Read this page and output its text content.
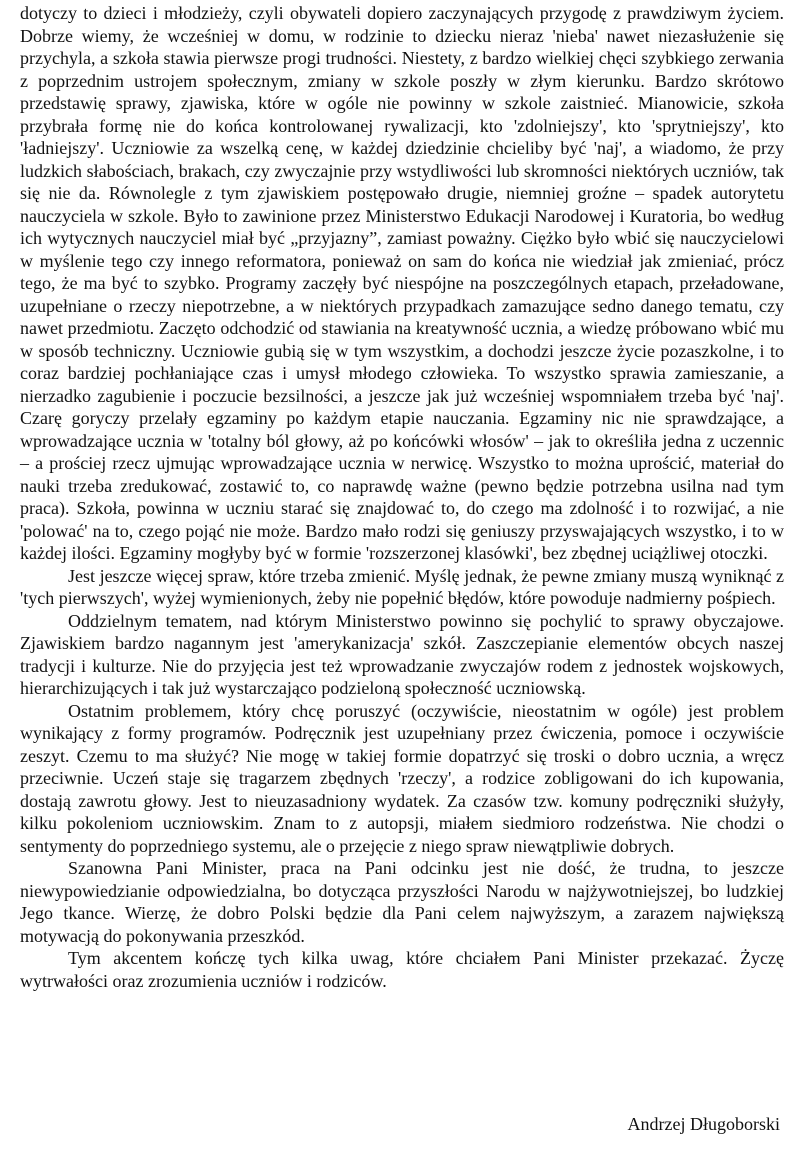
dotyczy to dzieci i młodzieży, czyli obywateli dopiero zaczynających przygodę z prawdziwym życiem. Dobrze wiemy, że wcześniej w domu, w rodzinie to dziecku nieraz 'nieba' nawet niezasłużenie się przychyla, a szkoła stawia pierwsze progi trudności. Niestety, z bardzo wielkiej chęci szybkiego zerwania z poprzednim ustrojem społecznym, zmiany w szkole poszły w złym kierunku. Bardzo skrótowo przedstawię sprawy, zjawiska, które w ogóle nie powinny w szkole zaistnieć. Mianowicie, szkoła przybrała formę nie do końca kontrolowanej rywalizacji, kto 'zdolniejszy', kto 'sprytniejszy', kto 'ładniejszy'. Uczniowie za wszelką cenę, w każdej dziedzinie chcieliby być 'naj', a wiadomo, że przy ludzkich słabościach, brakach, czy zwyczajnie przy wstydliwości lub skromności niektórych uczniów, tak się nie da. Równolegle z tym zjawiskiem postępowało drugie, niemniej groźne – spadek autorytetu nauczyciela w szkole. Było to zawinione przez Ministerstwo Edukacji Narodowej i Kuratoria, bo według ich wytycznych nauczyciel miał być „przyjazny”, zamiast poważny. Ciężko było wbić się nauczycielowi w myślenie tego czy innego reformatora, ponieważ on sam do końca nie wiedział jak zmieniać, prócz tego, że ma być to szybko. Programy zaczęły być niespójne na poszczególnych etapach, przeładowane, uzupełniane o rzeczy niepotrzebne, a w niektórych przypadkach zamazujące sedno danego tematu, czy nawet przedmiotu. Zaczęto odchodzić od stawiania na kreatywność ucznia, a wiedzę próbowano wbić mu w sposób techniczny. Uczniowie gubią się w tym wszystkim, a dochodzi jeszcze życie pozaszkolne, i to coraz bardziej pochłaniające czas i umysł młodego człowieka. To wszystko sprawia zamieszanie, a nierzadko zagubienie i poczucie bezsilności, a jeszcze jak już wcześniej wspomniałem trzeba być 'naj'. Czarę goryczy przelały egzaminy po każdym etapie nauczania. Egzaminy nic nie sprawdzające, a wprowadzające ucznia w 'totalny ból głowy, aż po końcówki włosów' – jak to określiła jedna z uczennic – a prościej rzecz ujmując wprowadzające ucznia w nerwicę. Wszystko to można uprościć, materiał do nauki trzeba zredukować, zostawić to, co naprawdę ważne (pewno będzie potrzebna usilna nad tym praca). Szkoła, powinna w uczniu starać się znajdować to, do czego ma zdolność i to rozwijać, a nie 'polować' na to, czego pojąć nie może. Bardzo mało rodzi się geniuszy przyswajających wszystko, i to w każdej ilości. Egzaminy mogłyby być w formie 'rozszerzonej klasówki', bez zbędnej uciążliwej otoczki.

Jest jeszcze więcej spraw, które trzeba zmienić. Myślę jednak, że pewne zmiany muszą wyniknąć z 'tych pierwszych', wyżej wymienionych, żeby nie popełnić błędów, które powoduje nadmierny pośpiech.

Oddzielnym tematem, nad którym Ministerstwo powinno się pochylić to sprawy obyczajowe. Zjawiskiem bardzo nagannym jest 'amerykanizacja' szkół. Zaszczepianie elementów obcych naszej tradycji i kulturze. Nie do przyjęcia jest też wprowadzanie zwyczajów rodem z jednostek wojskowych, hierarchizujących i tak już wystarczająco podzieloną społeczność uczniowską.

Ostatnim problemem, który chcę poruszyć (oczywiście, nieostatnim w ogóle) jest problem wynikający z formy programów. Podręcznik jest uzupełniany przez ćwiczenia, pomoce i oczywiście zeszyt. Czemu to ma służyć? Nie mogę w takiej formie dopatrzyć się troski o dobro ucznia, a wręcz przeciwnie. Uczeń staje się tragarzem zbędnych 'rzeczy', a rodzice zobligowani do ich kupowania, dostają zawrotu głowy. Jest to nieuzasadniony wydatek. Za czasów tzw. komuny podręczniki służyły, kilku pokoleniom uczniowskim. Znam to z autopsji, miałem siedmioro rodzeństwa. Nie chodzi o sentymenty do poprzedniego systemu, ale o przejęcie z niego spraw niewątpliwie dobrych.

Szanowna Pani Minister, praca na Pani odcinku jest nie dość, że trudna, to jeszcze niewypowiedzianie odpowiedzialna, bo dotycząca przyszłości Narodu w najżywotniejszej, bo ludzkiej Jego tkance. Wierzę, że dobro Polski będzie dla Pani celem najwyższym, a zarazem największą motywacją do pokonywania przeszkód.

Tym akcentem kończę tych kilka uwag, które chciałem Pani Minister przekazać. Życzę wytrwałości oraz zrozumienia uczniów i rodziców.

Andrzej Długoborski
